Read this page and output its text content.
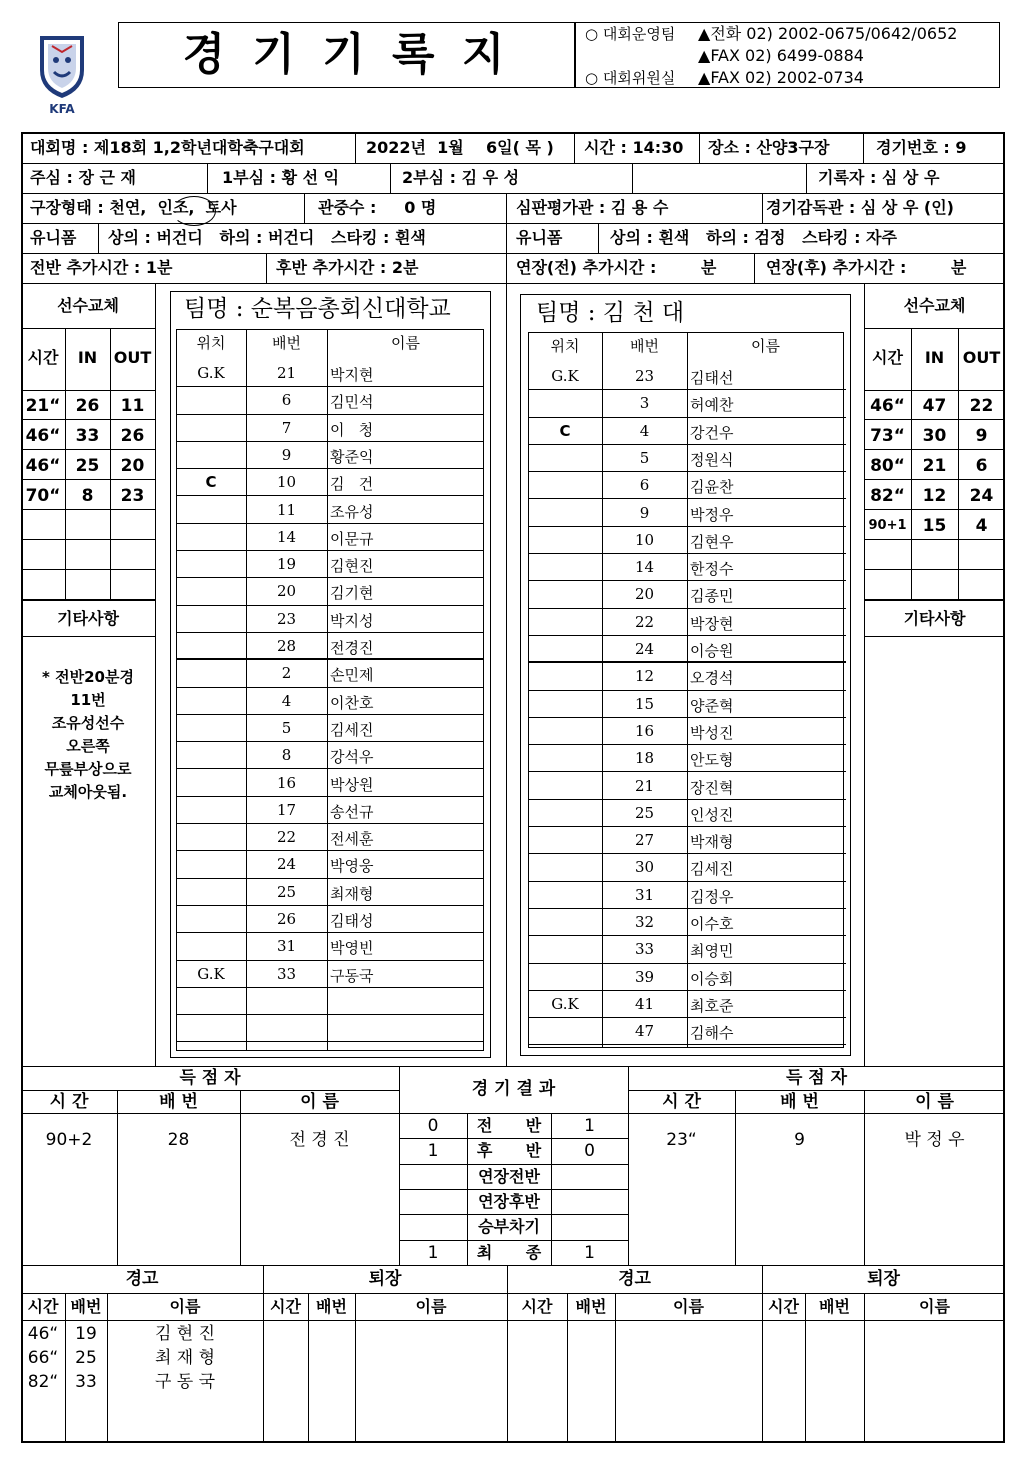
KFA
경 기 기 록 지	○ 대회운영팀 ▲전화 02) 2002-0675/0642/0652
▲FAX 02) 6499-0884
○ 대회위원실 ▲FAX 02) 2002-0734
대회명 : 제18회 1,2학년대학축구대회	2022년  1월    6일( 목 ) 시간 : 14:30 장소 : 산양3구장	경기번호 : 9
주심 : 장 근 재	1부심 : 황 선 익	2부심 : 김 우 성	기록자 : 심 상 우
구장형태 : 천연,  인조,  토사	관중수 :     0 명	심판평가관 : 김 용 수	경기감독관 : 심 상 우 (인)
유니폼 상의 : 버건디   하의 : 버건디   스타킹 : 흰색	유니폼	상의 : 흰색   하의 : 검정   스타킹 : 자주
전반 추가시간 : 1분	후반 추가시간 : 2분	연장(전) 추가시간 :        분	연장(후) 추가시간 :        분
선수교체
시간	IN	OUT
21“ 26	11
46“ 33	26
46“ 25	20
70“	8	23
기타사항
* 전반20분경
11번
조유성선수
오른쪽
무릎부상으로
교체아웃됨.
선수교체
시간	IN	OUT
46“	47	22
73“	30	9
80“	21	6
82“	12	24
90+1 15	4
기타사항
팀명 : 순복음총회신대학교
위치	배번	이름
G.K	21	박지현
6	김민석
7	이   청
9	황준익
C	10	김   건
11	조유성
14	이문규
19	김현진
20	김기현
23	박지성
28	전경진
2	손민제
4	이찬호
5	김세진
8	강석우
16	박상원
17	송선규
22	전세훈
24	박영웅
25	최재형
26	김태성
31	박영빈
G.K	33	구동국
팀명 : 김 천 대
위치	배번	이름
G.K	23	김태선
3	허예찬
C	4	강건우
5	정원식
6	김윤찬
9	박정우
10	김현우
14	한정수
20	김종민
22	박장현
24	이승원
12	오경석
15	양준혁
16	박성진
18	안도형
21	장진혁
25	인성진
27	박재형
30	김세진
31	김정우
32	이수호
33	최영민
39	이승회
G.K	41	최호준
47	김해수
득 점 자	득 점 자
경 기 결 과
시 간	배 번	이 름
90+2	28	전 경 진
시 간	배 번	이 름
23“	9	박 정 우
0	전      반	1
1	후      반	0
연장전반
연장후반
승부차기
1	최      종	1
경고	퇴장	경고	퇴장
시간 배번	이름	시간 배번	이름	시간	배번	이름	시간	배번	이름
46“ 19	김 현 진
66“ 25	최 재 형
82“ 33	구 동 국
